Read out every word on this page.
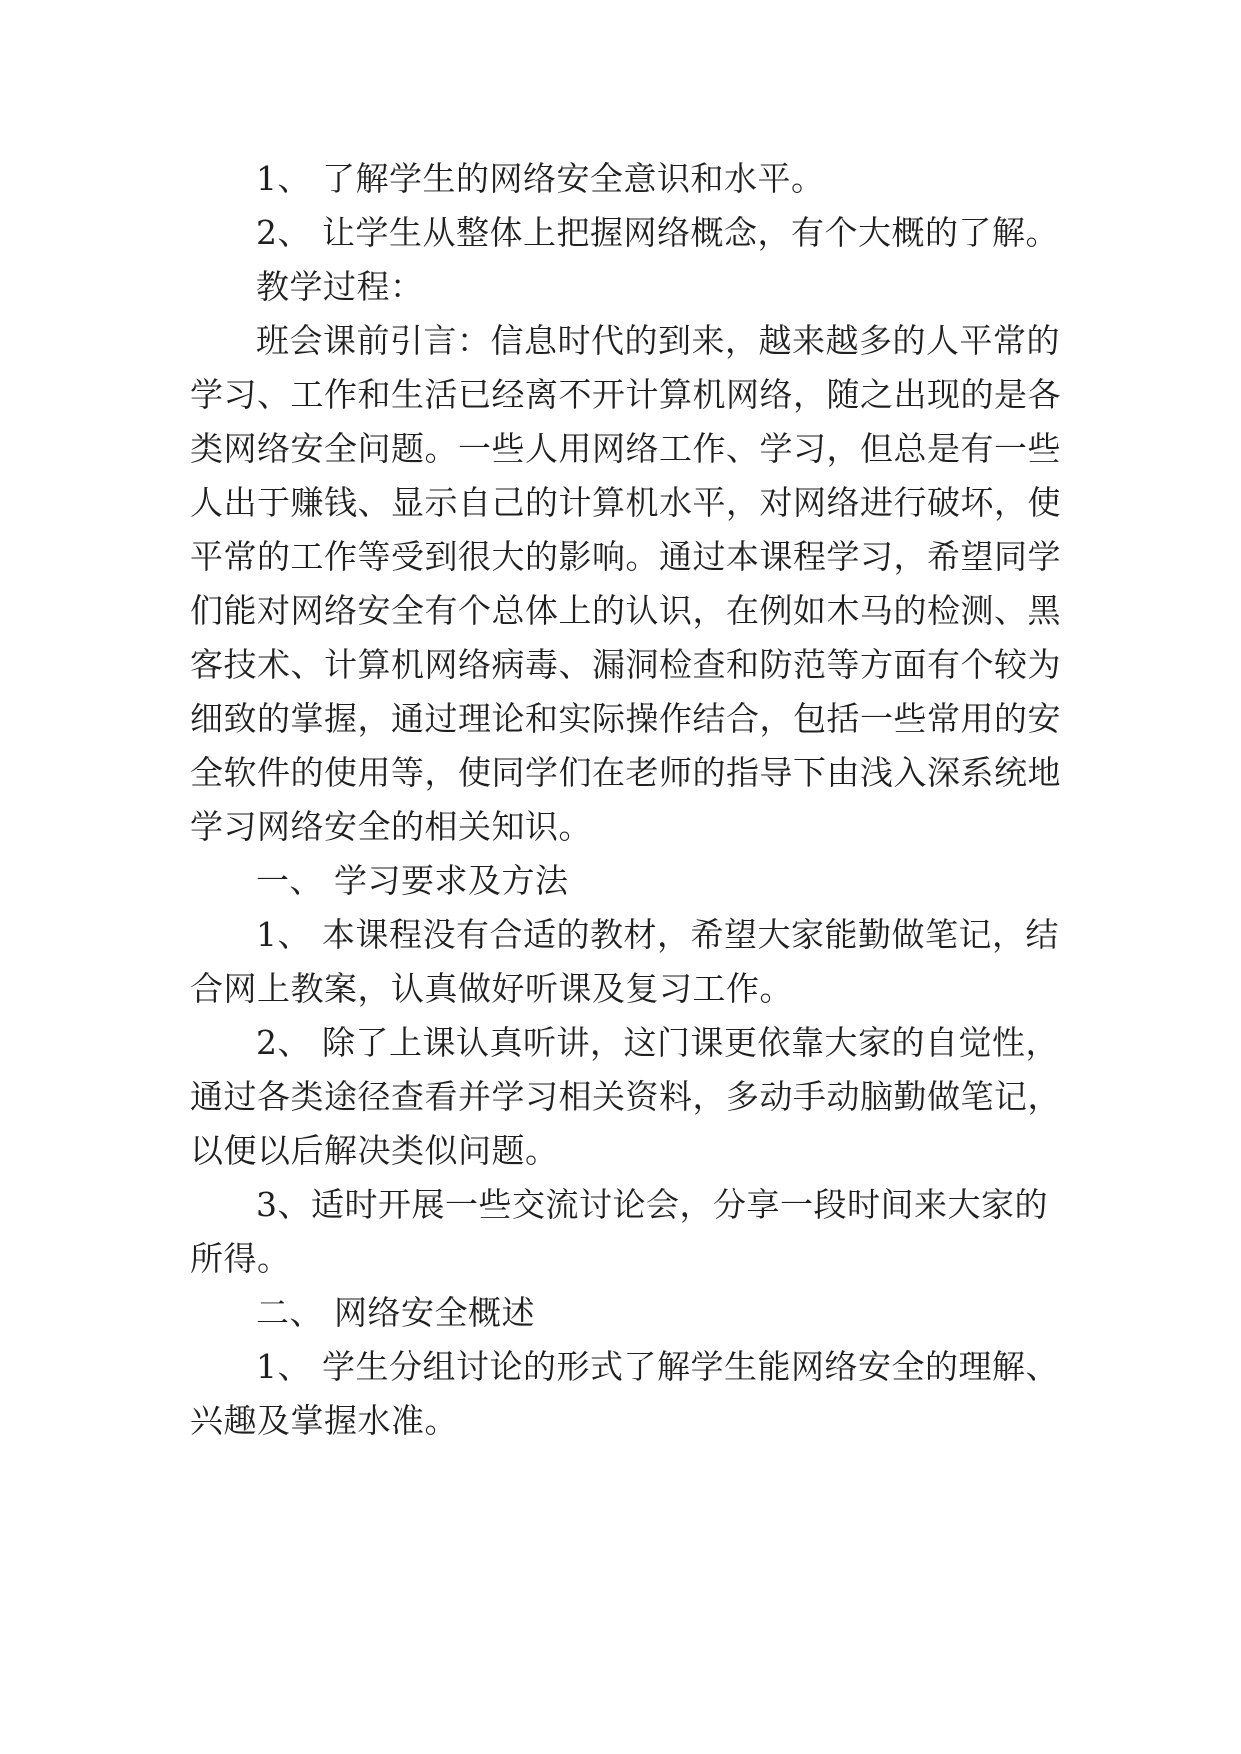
1、 了解学生的网络安全意识和水平。

2、 让学生从整体上把握网络概念，有个大概的了解。

教学过程：

班会课前引言：信息时代的到来，越来越多的人平常的学习、工作和生活已经离不开计算机网络，随之出现的是各类网络安全问题。一些人用网络工作、学习，但总是有一些人出于赚钱、显示自己的计算机水平，对网络进行破坏，使平常的工作等受到很大的影响。通过本课程学习，希望同学们能对网络安全有个总体上的认识，在例如木马的检测、黑客技术、计算机网络病毒、漏洞检查和防范等方面有个较为细致的掌握，通过理论和实际操作结合，包括一些常用的安全软件的使用等，使同学们在老师的指导下由浅入深系统地学习网络安全的相关知识。

一、 学习要求及方法

1、 本课程没有合适的教材，希望大家能勤做笔记，结合网上教案，认真做好听课及复习工作。

2、 除了上课认真听讲，这门课更依靠大家的自觉性，通过各类途径查看并学习相关资料，多动手动脑勤做笔记，以便以后解决类似问题。

3、适时开展一些交流讨论会，分享一段时间来大家的所得。

二、 网络安全概述

1、 学生分组讨论的形式了解学生能网络安全的理解、兴趣及掌握水准。
